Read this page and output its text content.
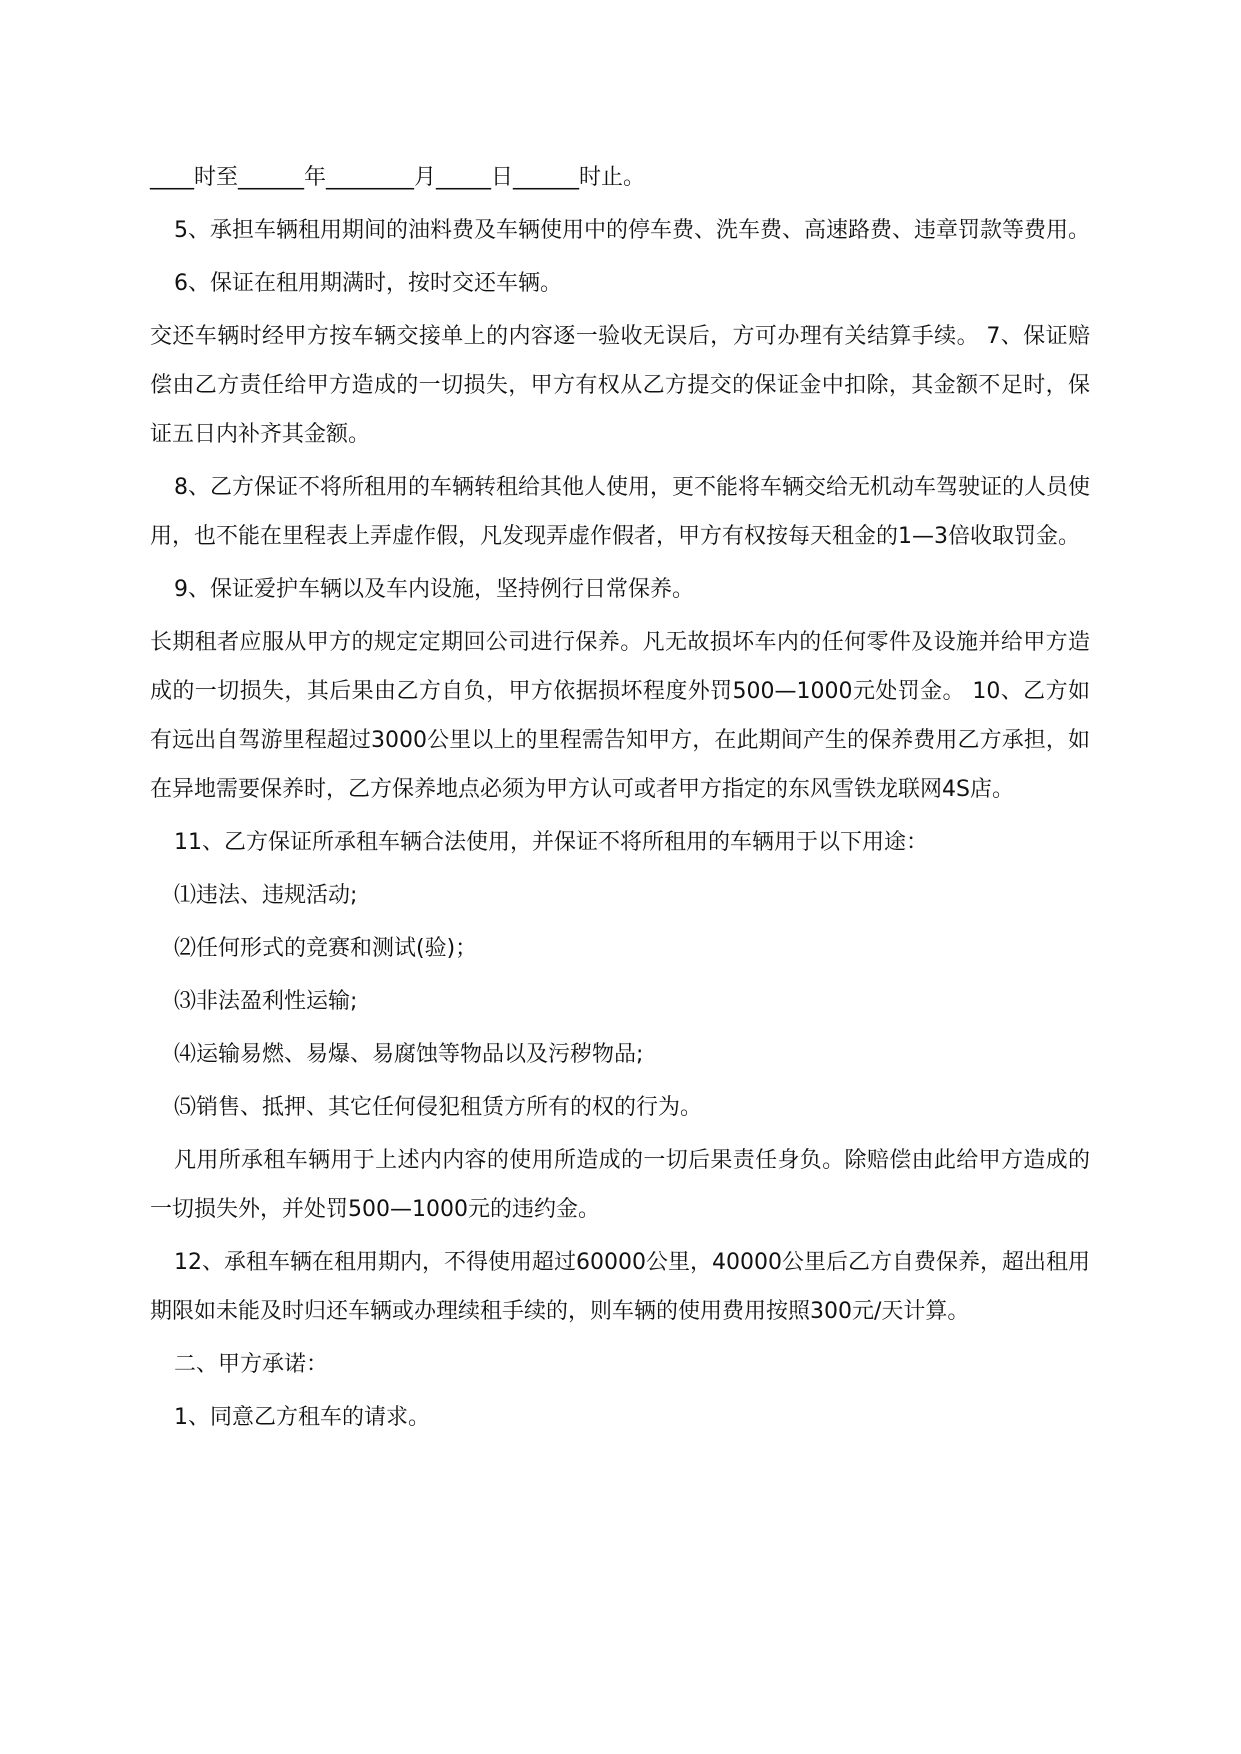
____时至______年________月_____日______时止。

5、承担车辆租用期间的油料费及车辆使用中的停车费、洗车费、高速路费、违章罚款等费用。

6、保证在租用期满时，按时交还车辆。

交还车辆时经甲方按车辆交接单上的内容逐一验收无误后，方可办理有关结算手续。 7、保证赔偿由乙方责任给甲方造成的一切损失，甲方有权从乙方提交的保证金中扣除，其金额不足时，保证五日内补齐其金额。

8、乙方保证不将所租用的车辆转租给其他人使用，更不能将车辆交给无机动车驾驶证的人员使用，也不能在里程表上弄虚作假，凡发现弄虚作假者，甲方有权按每天租金的1—3倍收取罚金。

9、保证爱护车辆以及车内设施，坚持例行日常保养。

长期租者应服从甲方的规定定期回公司进行保养。凡无故损坏车内的任何零件及设施并给甲方造成的一切损失，其后果由乙方自负，甲方依据损坏程度外罚500—1000元处罚金。 10、乙方如有远出自驾游里程超过3000公里以上的里程需告知甲方，在此期间产生的保养费用乙方承担，如在异地需要保养时，乙方保养地点必须为甲方认可或者甲方指定的东风雪铁龙联网4S店。

11、乙方保证所承租车辆合法使用，并保证不将所租用的车辆用于以下用途：

⑴违法、违规活动;

⑵任何形式的竞赛和测试(验)；

⑶非法盈利性运输;

⑷运输易燃、易爆、易腐蚀等物品以及污秽物品;

⑸销售、抵押、其它任何侵犯租赁方所有的权的行为。

凡用所承租车辆用于上述内内容的使用所造成的一切后果责任身负。除赔偿由此给甲方造成的一切损失外，并处罚500—1000元的违约金。

12、承租车辆在租用期内，不得使用超过60000公里，40000公里后乙方自费保养，超出租用期限如未能及时归还车辆或办理续租手续的，则车辆的使用费用按照300元/天计算。

二、甲方承诺：

1、同意乙方租车的请求。
